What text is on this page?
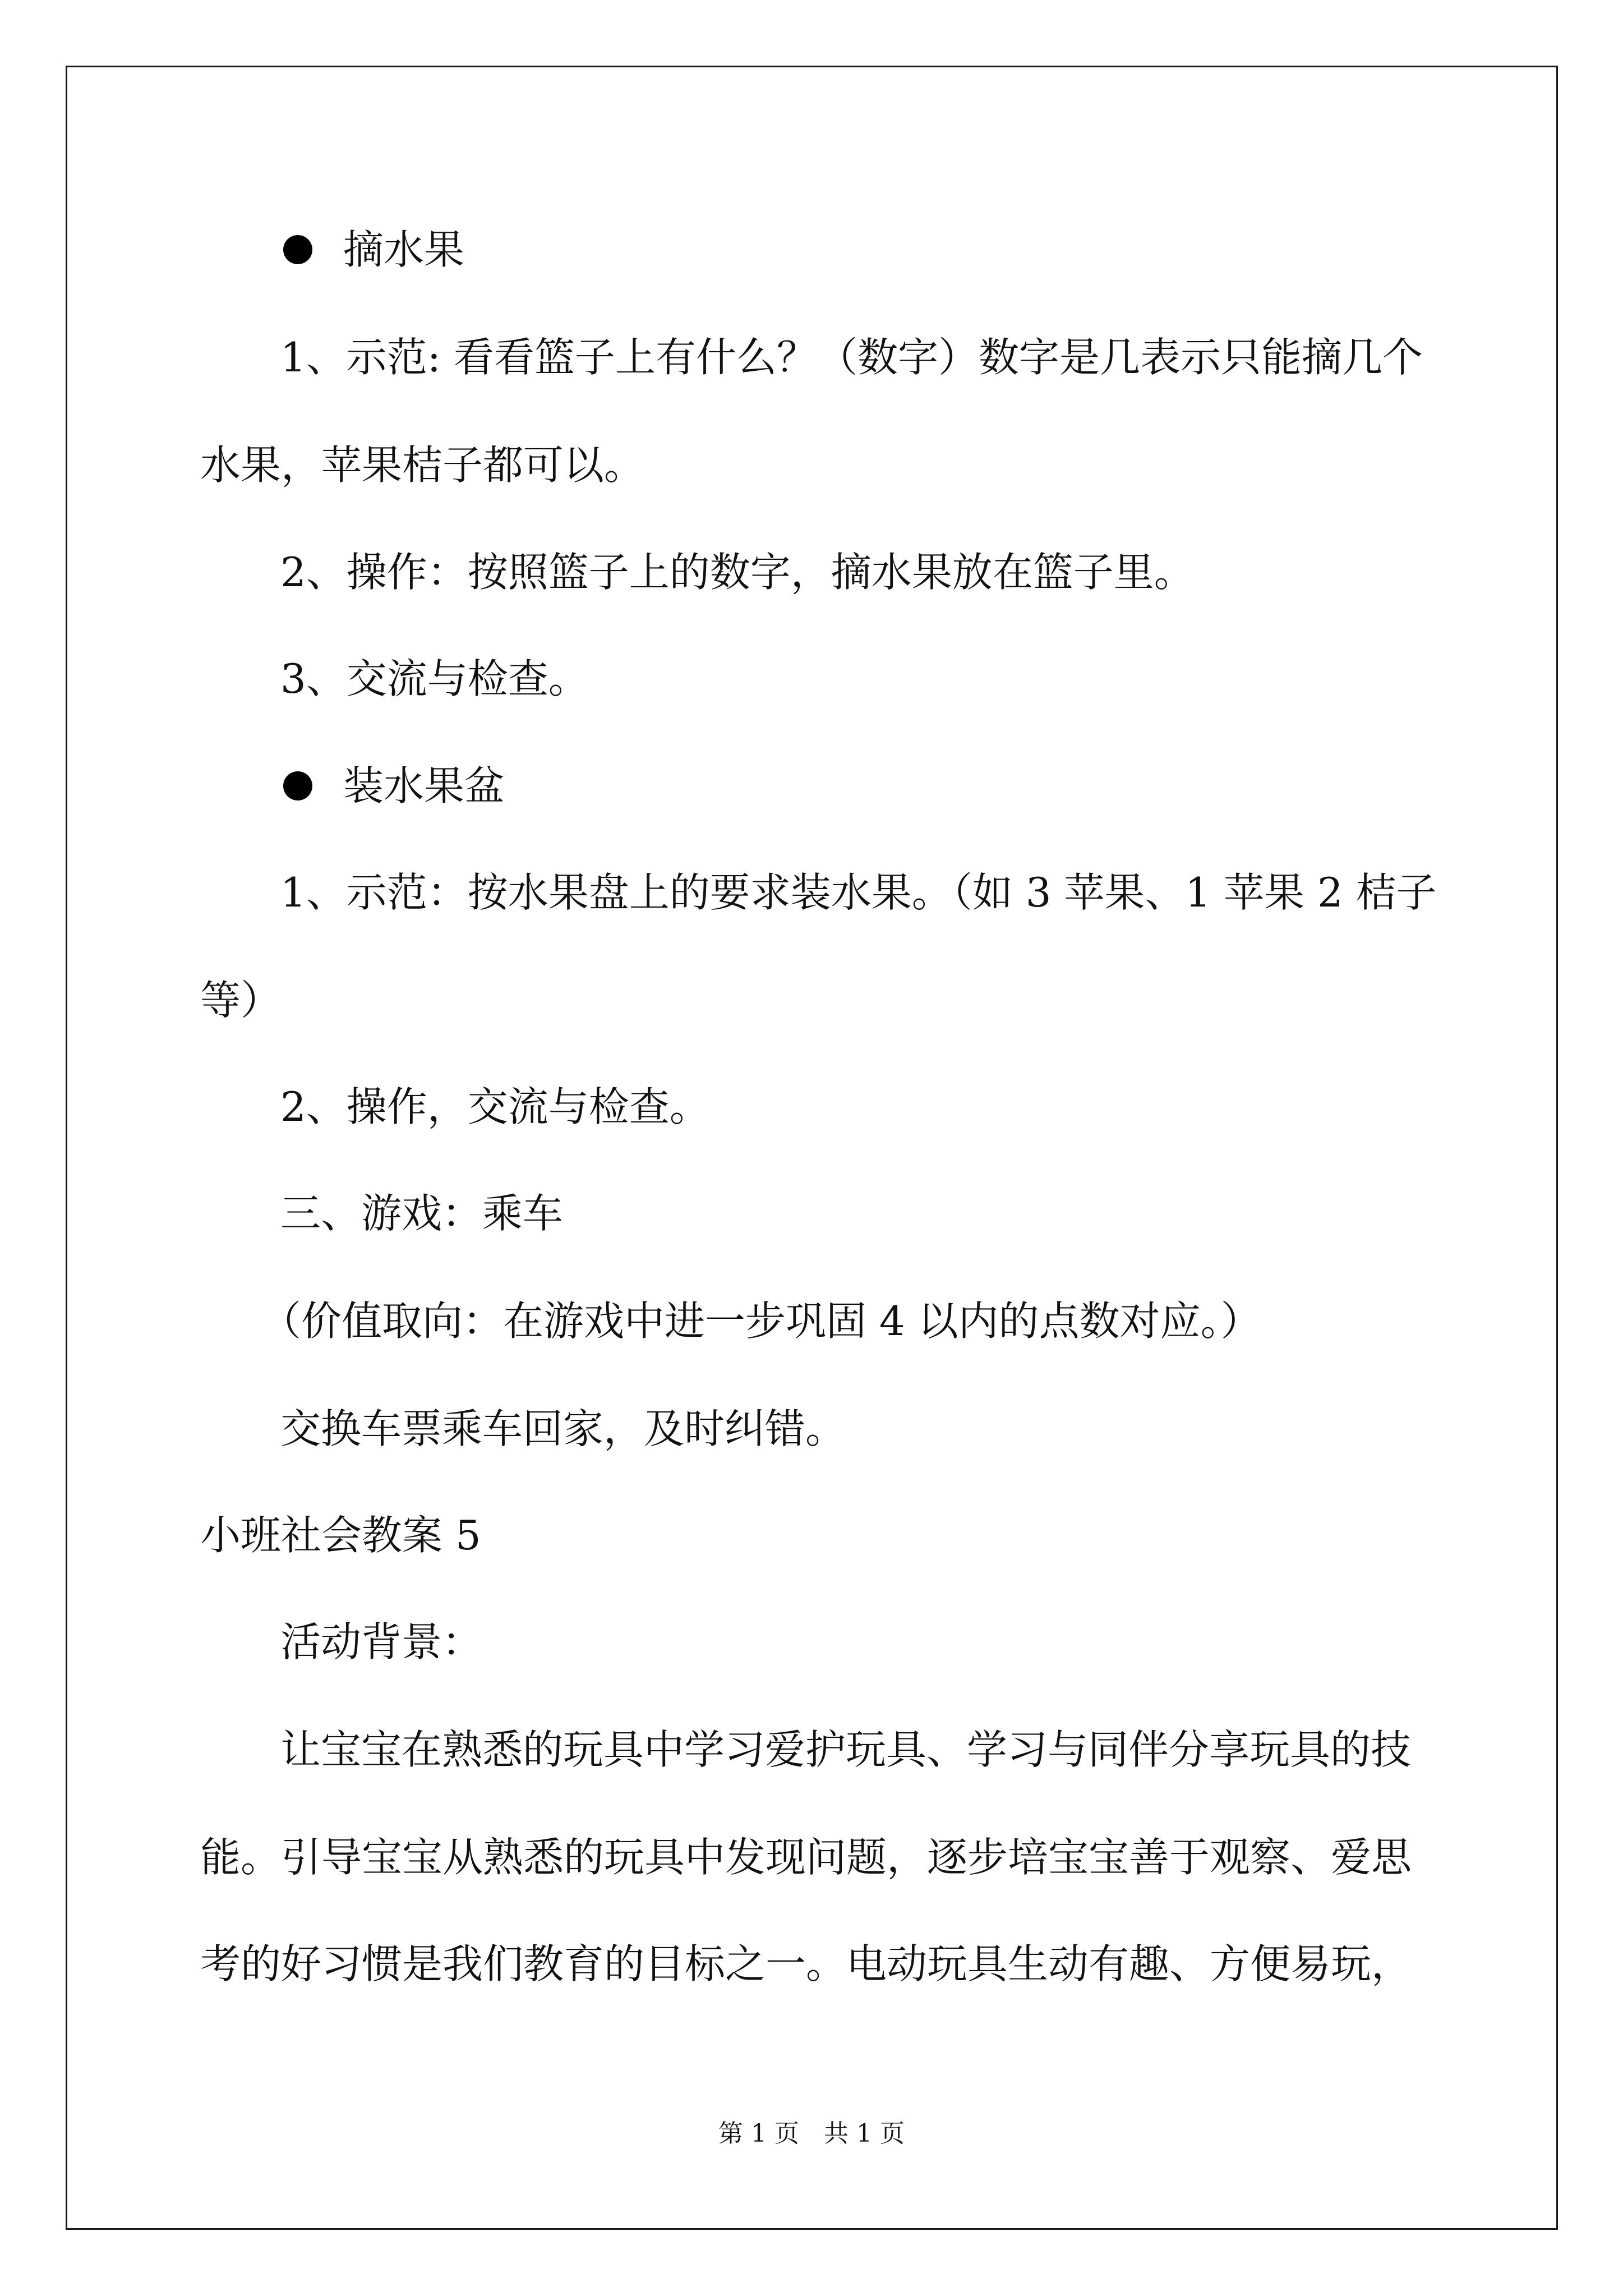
摘水果

1、示范: 看看篮子上有什么？（数字）数字是几表示只能摘几个

水果，苹果桔子都可以。

2、操作：按照篮子上的数字，摘水果放在篮子里。

3、交流与检查。

装水果盆

1、示范：按水果盘上的要求装水果。（如 3 苹果、1 苹果 2 桔子

等）

2、操作，交流与检查。

三、游戏：乘车

（价值取向：在游戏中进一步巩固 4 以内的点数对应。）

交换车票乘车回家，及时纠错。

小班社会教案 5

活动背景：

让宝宝在熟悉的玩具中学习爱护玩具、学习与同伴分享玩具的技

能。引导宝宝从熟悉的玩具中发现问题，逐步培宝宝善于观察、爱思

考的好习惯是我们教育的目标之一。电动玩具生动有趣、方便易玩，

第 1 页 共 1 页
